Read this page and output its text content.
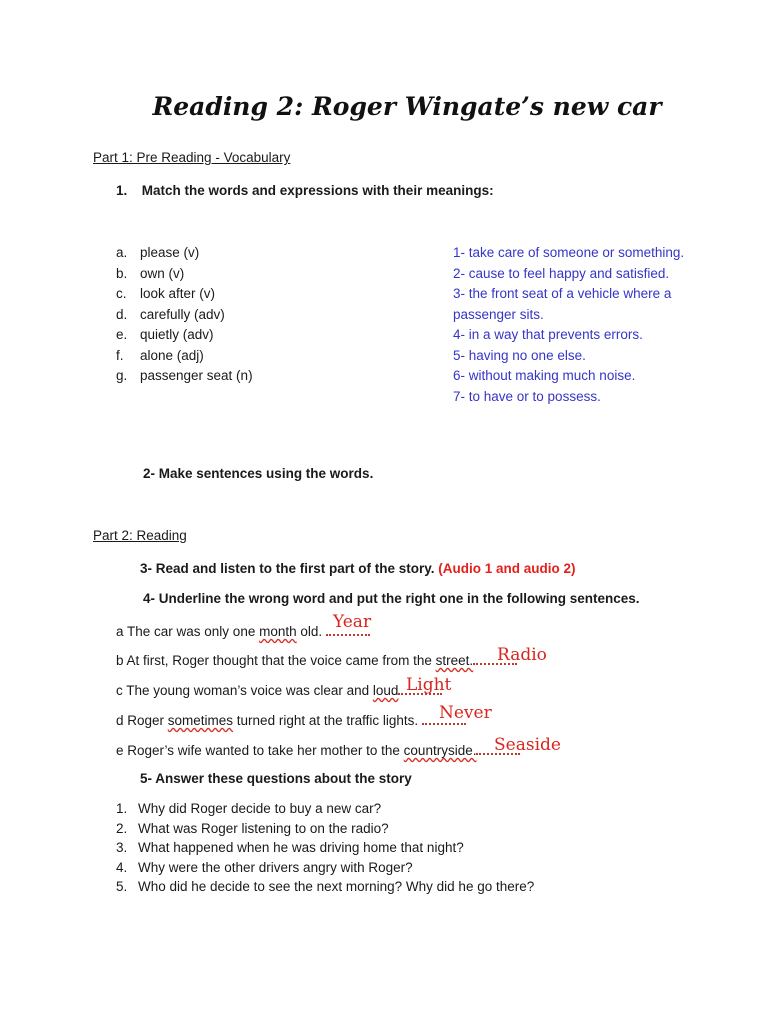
Reading 2: Roger Wingate’s new car
Part 1: Pre Reading - Vocabulary
1. Match the words and expressions with their meanings:
a. please (v)
b. own (v)
c. look after (v)
d. carefully (adv)
e. quietly (adv)
f. alone (adj)
g. passenger seat (n)
1- take care of someone or something.
2- cause to feel happy and satisfied.
3- the front seat of a vehicle where a
passenger sits.
4- in a way that prevents errors.
5- having no one else.
6- without making much noise.
7- to have or to possess.
2- Make sentences using the words.
Part 2: Reading
3- Read and listen to the first part of the story. (Audio 1 and audio 2)
4- Underline the wrong word and put the right one in the following sentences.
a The car was only one month old. Year
b At first, Roger thought that the voice came from the street.	Radio
c The young woman’s voice was clear and loud Light
d Roger sometimes turned right at the traffic lights.	Never
e Roger’s wife wanted to take her mother to the countryside.	Seaside
5- Answer these questions about the story
1. Why did Roger decide to buy a new car?
2. What was Roger listening to on the radio?
3. What happened when he was driving home that night?
4. Why were the other drivers angry with Roger?
5. Who did he decide to see the next morning? Why did he go there?
